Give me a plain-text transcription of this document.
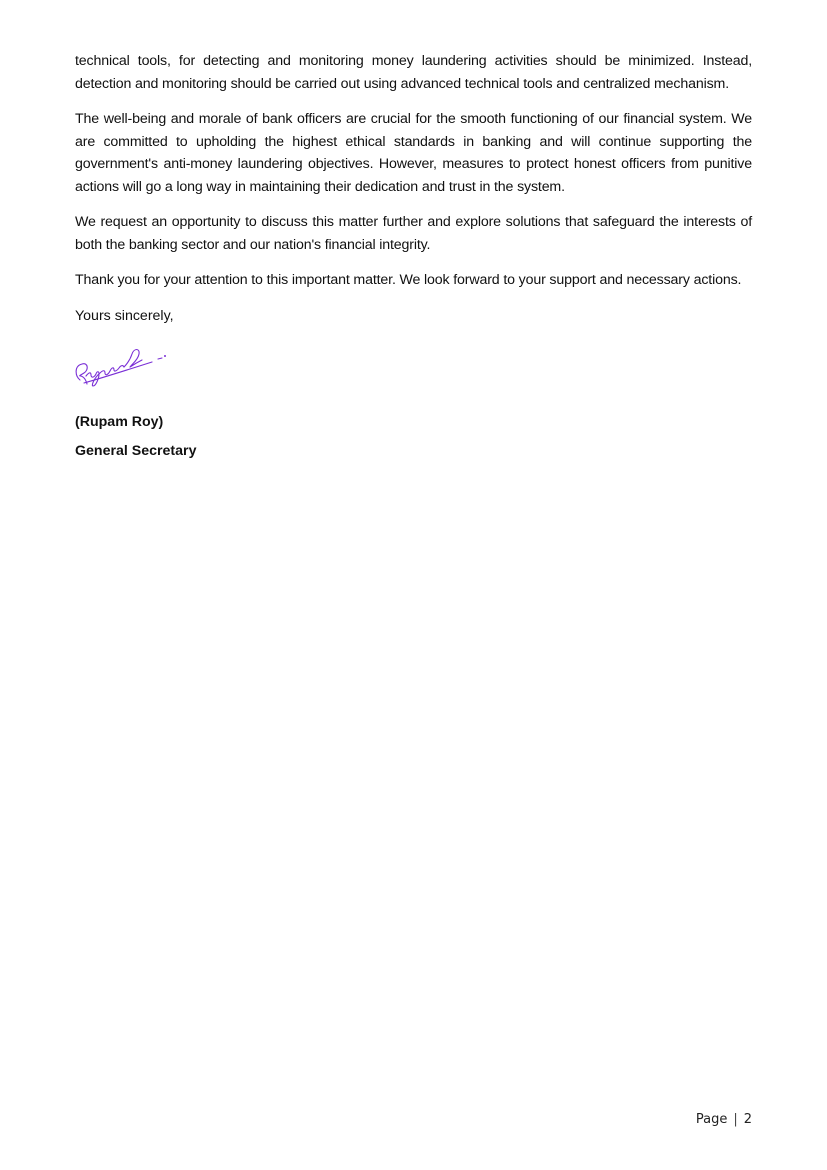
technical tools, for detecting and monitoring money laundering activities should be minimized. Instead, detection and monitoring should be carried out using advanced technical tools and centralized mechanism.

The well-being and morale of bank officers are crucial for the smooth functioning of our financial system. We are committed to upholding the highest ethical standards in banking and will continue supporting the government's anti-money laundering objectives. However, measures to protect honest officers from punitive actions will go a long way in maintaining their dedication and trust in the system.

We request an opportunity to discuss this matter further and explore solutions that safeguard the interests of both the banking sector and our nation's financial integrity.

Thank you for your attention to this important matter. We look forward to your support and necessary actions.

Yours sincerely,

(Rupam Roy)

General Secretary

Page | 2
